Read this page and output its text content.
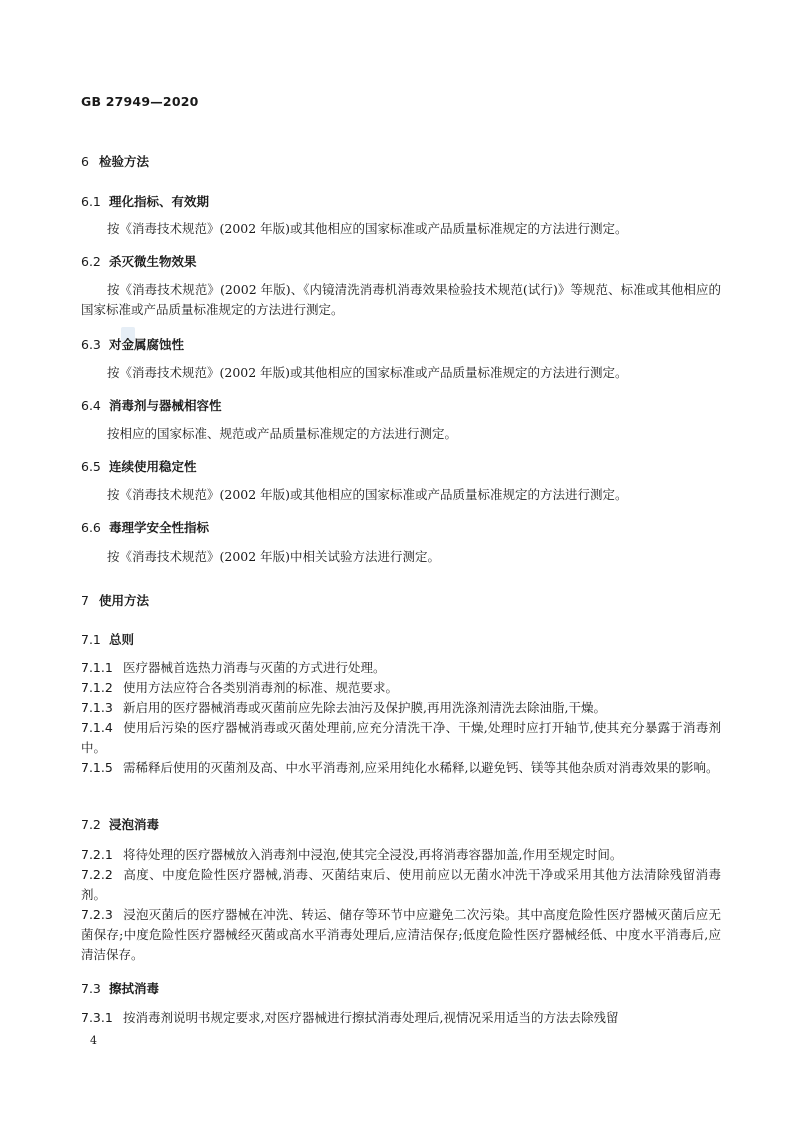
GB 27949—2020
6 检验方法
6.1 理化指标、有效期
按《消毒技术规范》(2002 年版)或其他相应的国家标准或产品质量标准规定的方法进行测定。
6.2 杀灭微生物效果
按《消毒技术规范》(2002 年版)、《内镜清洗消毒机消毒效果检验技术规范(试行)》等规范、标准或其他相应的国家标准或产品质量标准规定的方法进行测定。
6.3 对金属腐蚀性
按《消毒技术规范》(2002 年版)或其他相应的国家标准或产品质量标准规定的方法进行测定。
6.4 消毒剂与器械相容性
按相应的国家标准、规范或产品质量标准规定的方法进行测定。
6.5 连续使用稳定性
按《消毒技术规范》(2002 年版)或其他相应的国家标准或产品质量标准规定的方法进行测定。
6.6 毒理学安全性指标
按《消毒技术规范》(2002 年版)中相关试验方法进行测定。
7 使用方法
7.1 总则
7.1.1 医疗器械首选热力消毒与灭菌的方式进行处理。
7.1.2 使用方法应符合各类别消毒剂的标准、规范要求。
7.1.3 新启用的医疗器械消毒或灭菌前应先除去油污及保护膜,再用洗涤剂清洗去除油脂,干燥。
7.1.4 使用后污染的医疗器械消毒或灭菌处理前,应充分清洗干净、干燥,处理时应打开轴节,使其充分暴露于消毒剂中。
7.1.5 需稀释后使用的灭菌剂及高、中水平消毒剂,应采用纯化水稀释,以避免钙、镁等其他杂质对消毒效果的影响。
7.2 浸泡消毒
7.2.1 将待处理的医疗器械放入消毒剂中浸泡,使其完全浸没,再将消毒容器加盖,作用至规定时间。
7.2.2 高度、中度危险性医疗器械,消毒、灭菌结束后、使用前应以无菌水冲洗干净或采用其他方法清除残留消毒剂。
7.2.3 浸泡灭菌后的医疗器械在冲洗、转运、储存等环节中应避免二次污染。其中高度危险性医疗器械灭菌后应无菌保存;中度危险性医疗器械经灭菌或高水平消毒处理后,应清洁保存;低度危险性医疗器械经低、中度水平消毒后,应清洁保存。
7.3 擦拭消毒
7.3.1 按消毒剂说明书规定要求,对医疗器械进行擦拭消毒处理后,视情况采用适当的方法去除残留
4
